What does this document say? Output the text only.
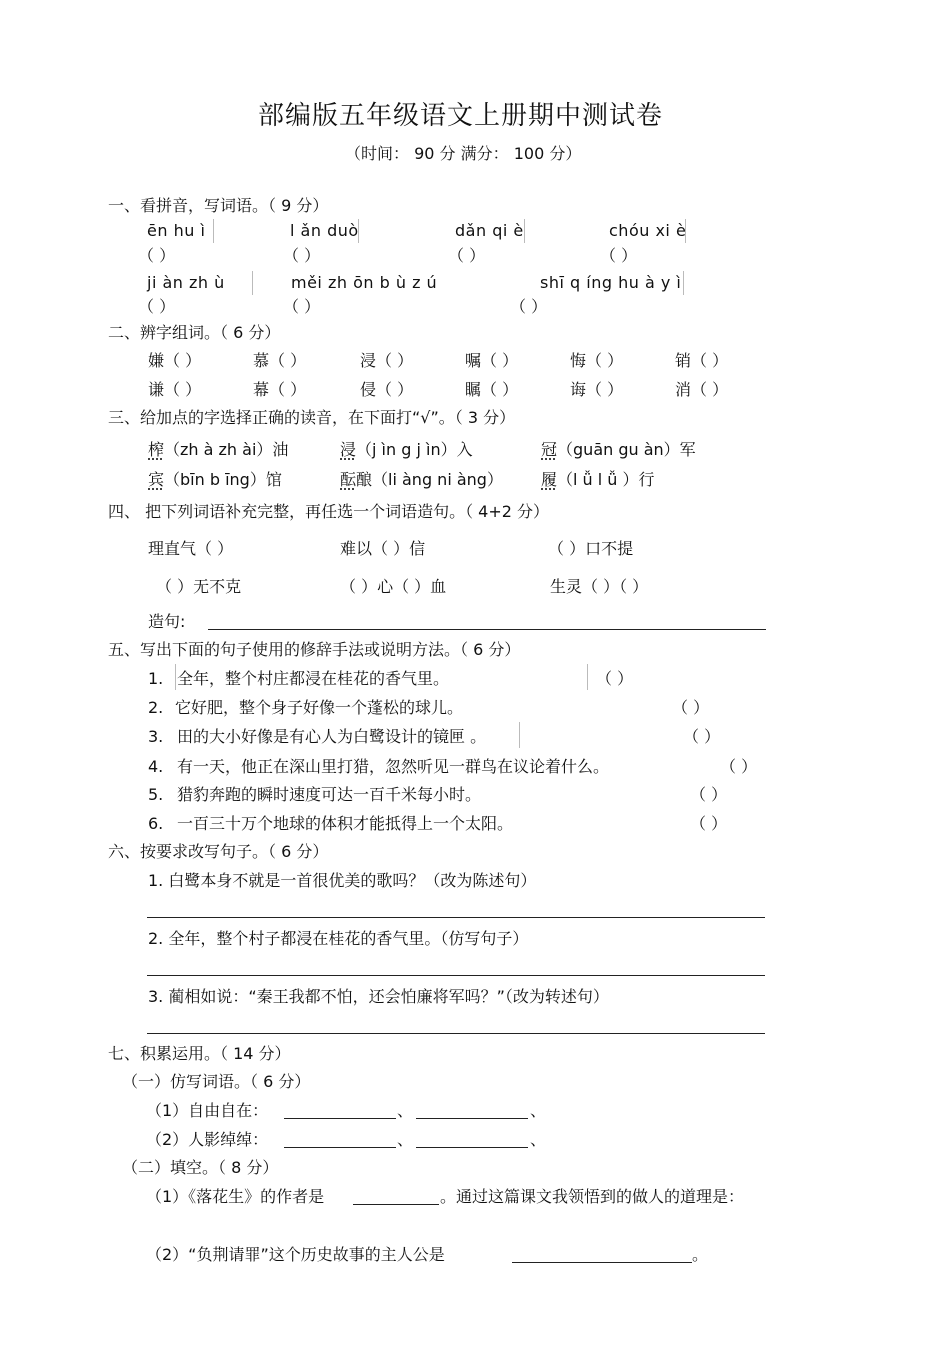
部编版五年级语文上册期中测试卷
（时间： 90 分 满分： 100 分）
一、看拼音，写词语。（ 9 分）
ēn hu ì	l ǎn duò	dǎn qi è	chóu xi è
（ ）	（ ）	（ ）	（ ）
ji àn zh ù	měi zh ōn b ù z ú	shī q íng hu à y ì
（ ）	（ ）	（ ）
二、辨字组词。（ 6 分）
嫌（ ）	慕（ ）	浸（ ）	嘱（ ）	悔（ ）	销（ ）
谦（ ）	幕（ ）	侵（ ）	瞩（ ）	诲（ ）	消（ ）
三、给加点的字选择正确的读音，在下面打“√”。（ 3 分）
榨（zh à zh ài）油	浸（j ìn g j ìn）入	冠（guān gu àn）军
宾（bīn b īng）馆	酝酿（li àng ni àng） 履（l ǚ l ǚ ）行
四、 把下列词语补充完整，再任选一个词语造句。（ 4+2 分）
理直气（ ）	难以（ ）信	（ ）口不提
（ ）无不克	（ ）心（ ）血	生灵（ ）（ ）
造句:
五、写出下面的句子使用的修辞手法或说明方法。（ 6 分）
1. 全年，整个村庄都浸在桂花的香气里。	（ ）
2. 它好肥，整个身子好像一个蓬松的球儿。	（ ）
3. 田的大小好像是有心人为白鹭设计的镜匣 。	（ ）
4. 有一天，他正在深山里打猎，忽然听见一群鸟在议论着什么。	（ ）
5. 猎豹奔跑的瞬时速度可达一百千米每小时。	（ ）
6. 一百三十万个地球的体积才能抵得上一个太阳。	（ ）
六、按要求改写句子。（ 6 分）
1. 白鹭本身不就是一首很优美的歌吗？（改为陈述句）
2. 全年，整个村子都浸在桂花的香气里。（仿写句子）
3. 蔺相如说：“秦王我都不怕，还会怕廉将军吗？”（改为转述句）
七、积累运用。（ 14 分）
（一）仿写词语。（ 6 分）
（1）自由自在：	、	、
（2）人影绰绰：	、	、
（二）填空。（ 8 分）
（1）《落花生》的作者是	。通过这篇课文我领悟到的做人的道理是：
（2）“负荆请罪”这个历史故事的主人公是	。
